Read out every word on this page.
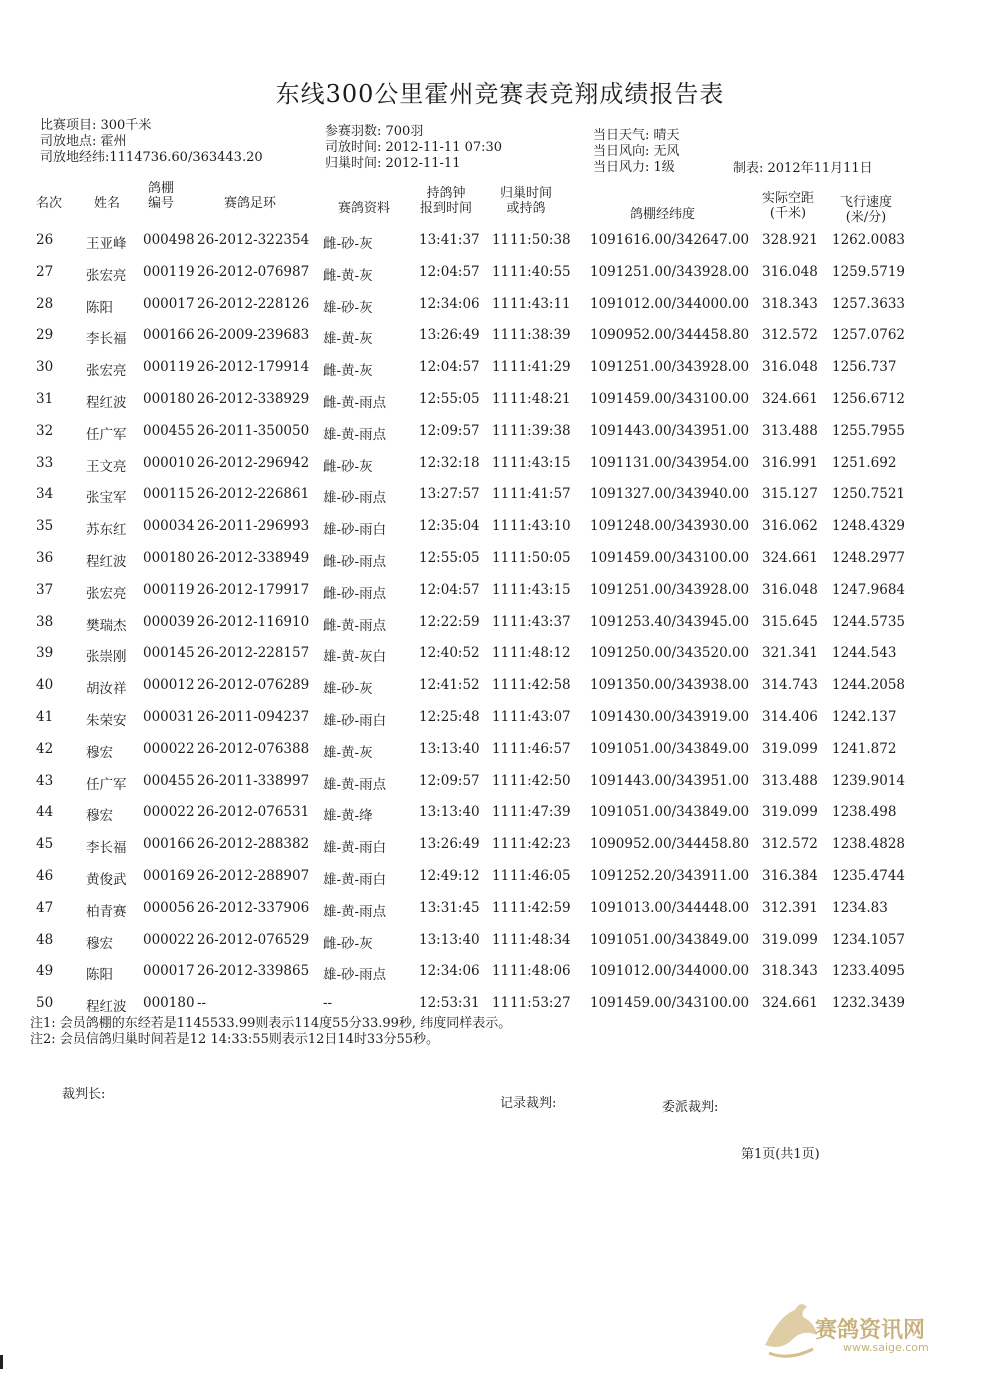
东线300公里霍州竞赛表竞翔成绩报告表
比赛项目: 300千米
司放地点: 霍州
司放地经纬:1114736.60/363443.20
参赛羽数: 700羽
司放时间: 2012-11-11 07:30
归巢时间: 2012-11-11
当日天气: 晴天
当日风向: 无风
当日风力: 1级	制表: 2012年11月11日
名次 姓名
鸽棚
编号	赛鸽足环	赛鸽资料
持鸽钟
报到时间
归巢时间
或持鸽	鸽棚经纬度
实际空距
(千米)
飞行速度
(米/分)
26 王亚峰 000498 26-2012-322354 雌-砂-灰	13:41:37 11 11:50:38 1091616.00/342647.00 328.921 1262.0083
27 张宏亮 000119 26-2012-076987 雌-黄-灰	12:04:57 11 11:40:55 1091251.00/343928.00 316.048 1259.5719
28 陈阳 000017 26-2012-228126 雄-砂-灰	12:34:06 11 11:43:11 1091012.00/344000.00 318.343 1257.3633
29 李长福 000166 26-2009-239683 雄-黄-灰	13:26:49 11 11:38:39 1090952.00/344458.80 312.572 1257.0762
30 张宏亮 000119 26-2012-179914 雌-黄-灰	12:04:57 11 11:41:29 1091251.00/343928.00 316.048 1256.737
31 程红波 000180 26-2012-338929 雌-黄-雨点 12:55:05 11 11:48:21 1091459.00/343100.00 324.661 1256.6712
32 任广军 000455 26-2011-350050 雄-黄-雨点 12:09:57 11 11:39:38 1091443.00/343951.00 313.488 1255.7955
33 王文亮 000010 26-2012-296942 雌-砂-灰	12:32:18 11 11:43:15 1091131.00/343954.00 316.991 1251.692
34 张宝军 000115 26-2012-226861 雄-砂-雨点 13:27:57 11 11:41:57 1091327.00/343940.00 315.127 1250.7521
35 苏东红 000034 26-2011-296993 雄-砂-雨白 12:35:04 11 11:43:10 1091248.00/343930.00 316.062 1248.4329
36 程红波 000180 26-2012-338949 雌-砂-雨点 12:55:05 11 11:50:05 1091459.00/343100.00 324.661 1248.2977
37 张宏亮 000119 26-2012-179917 雌-砂-雨点 12:04:57 11 11:43:15 1091251.00/343928.00 316.048 1247.9684
38 樊瑞杰 000039 26-2012-116910 雌-黄-雨点 12:22:59 11 11:43:37 1091253.40/343945.00 315.645 1244.5735
39 张崇刚 000145 26-2012-228157 雄-黄-灰白 12:40:52 11 11:48:12 1091250.00/343520.00 321.341 1244.543
40 胡汝祥 000012 26-2012-076289 雄-砂-灰	12:41:52 11 11:42:58 1091350.00/343938.00 314.743 1244.2058
41 朱荣安 000031 26-2011-094237 雄-砂-雨白 12:25:48 11 11:43:07 1091430.00/343919.00 314.406 1242.137
42 穆宏 000022 26-2012-076388 雄-黄-灰	13:13:40 11 11:46:57 1091051.00/343849.00 319.099 1241.872
43 任广军 000455 26-2011-338997 雄-黄-雨点 12:09:57 11 11:42:50 1091443.00/343951.00 313.488 1239.9014
44 穆宏 000022 26-2012-076531 雄-黄-绛	13:13:40 11 11:47:39 1091051.00/343849.00 319.099 1238.498
45 李长福 000166 26-2012-288382 雄-黄-雨白 13:26:49 11 11:42:23 1090952.00/344458.80 312.572 1238.4828
46 黄俊武 000169 26-2012-288907 雄-黄-雨白 12:49:12 11 11:46:05 1091252.20/343911.00 316.384 1235.4744
47 柏青赛 000056 26-2012-337906 雄-黄-雨点 13:31:45 11 11:42:59 1091013.00/344448.00 312.391 1234.83
48 穆宏 000022 26-2012-076529 雌-砂-灰	13:13:40 11 11:48:34 1091051.00/343849.00 319.099 1234.1057
49 陈阳 000017 26-2012-339865 雄-砂-雨点 12:34:06 11 11:48:06 1091012.00/344000.00 318.343 1233.4095
50 程红波 000180 --	--	12:53:31 11 11:53:27 1091459.00/343100.00 324.661 1232.3439
注1: 会员鸽棚的东经若是1145533.99则表示114度55分33.99秒, 纬度同样表示。
注2: 会员信鸽归巢时间若是12 14:33:55则表示12日14时33分55秒。
裁判长:
记录裁判:	委派裁判:
第1页(共1页)
赛鸽资讯网
www.saige.com
